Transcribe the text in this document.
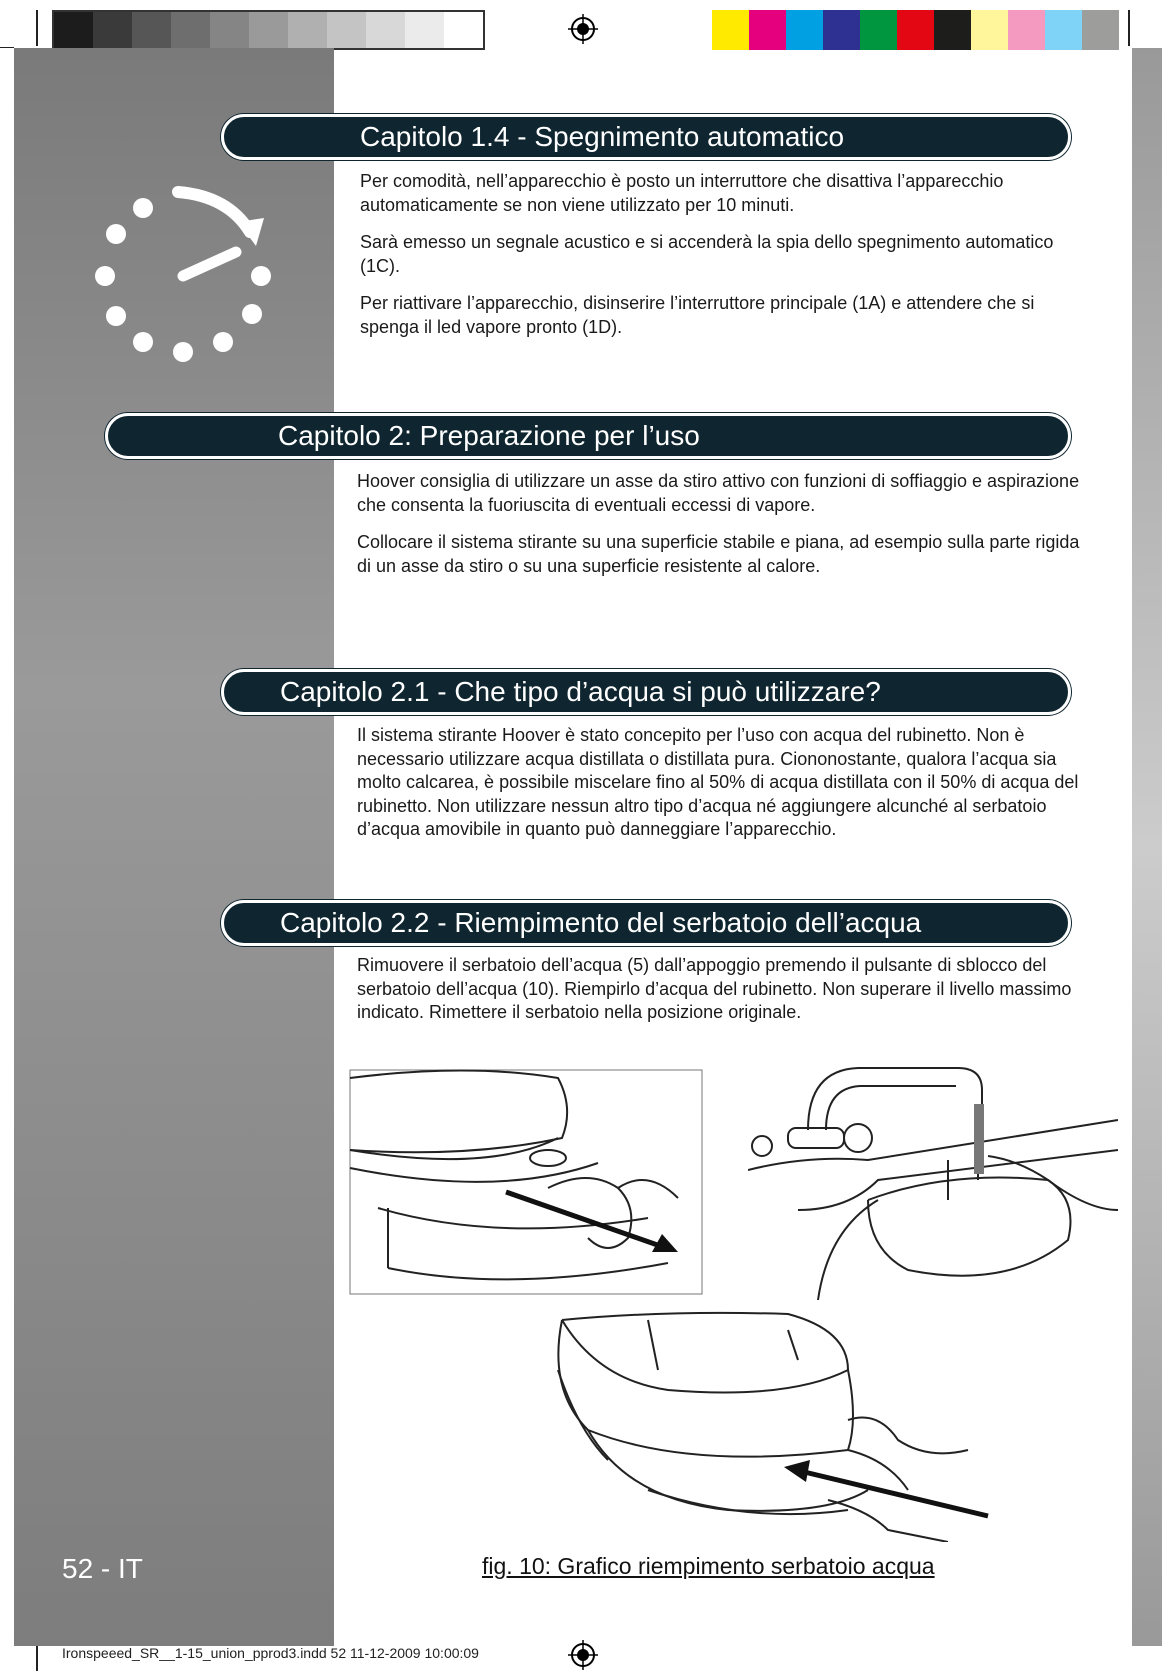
Capitolo 1.4 - Spegnimento automatico
Capitolo 2: Preparazione per l’uso
Capitolo 2.1 - Che tipo d’acqua si può utilizzare?
Capitolo 2.2 - Riempimento del serbatoio dell’acqua

Per comodità, nell’apparecchio è posto un interruttore che disattiva l’apparecchio automaticamente se non viene utilizzato per 10 minuti.

Sarà emesso un segnale acustico e si accenderà la spia dello spegnimento automatico (1C).

Per riattivare l’apparecchio, disinserire l’interruttore principale (1A) e attendere che si spenga il led vapore pronto (1D).

Hoover consiglia di utilizzare un asse da stiro attivo con funzioni di soffiaggio e aspirazione che consenta la fuoriuscita di eventuali eccessi di vapore.

Collocare il sistema stirante su una superficie stabile e piana, ad esempio sulla parte rigida di un asse da stiro o su una superficie resistente al calore.

Il sistema stirante Hoover è stato concepito per l’uso con acqua del rubinetto. Non è necessario utilizzare acqua distillata o distillata pura. Ciononostante, qualora l’acqua sia molto calcarea, è possibile miscelare fino al 50% di acqua distillata con il 50% di acqua del rubinetto. Non utilizzare nessun altro tipo d’acqua né aggiungere alcunché al serbatoio d’acqua amovibile in quanto può danneggiare l’apparecchio.

Rimuovere il serbatoio dell’acqua (5) dall’appoggio premendo il pulsante di sblocco del serbatoio dell’acqua (10). Riempirlo d’acqua del rubinetto. Non superare il livello massimo indicato. Rimettere il serbatoio nella posizione originale.

52 - IT	fig. 10: Grafico riempimento serbatoio acqua
Ironspeeed_SR__1-15_union_pprod3.indd 52 11-12-2009 10:00:09
